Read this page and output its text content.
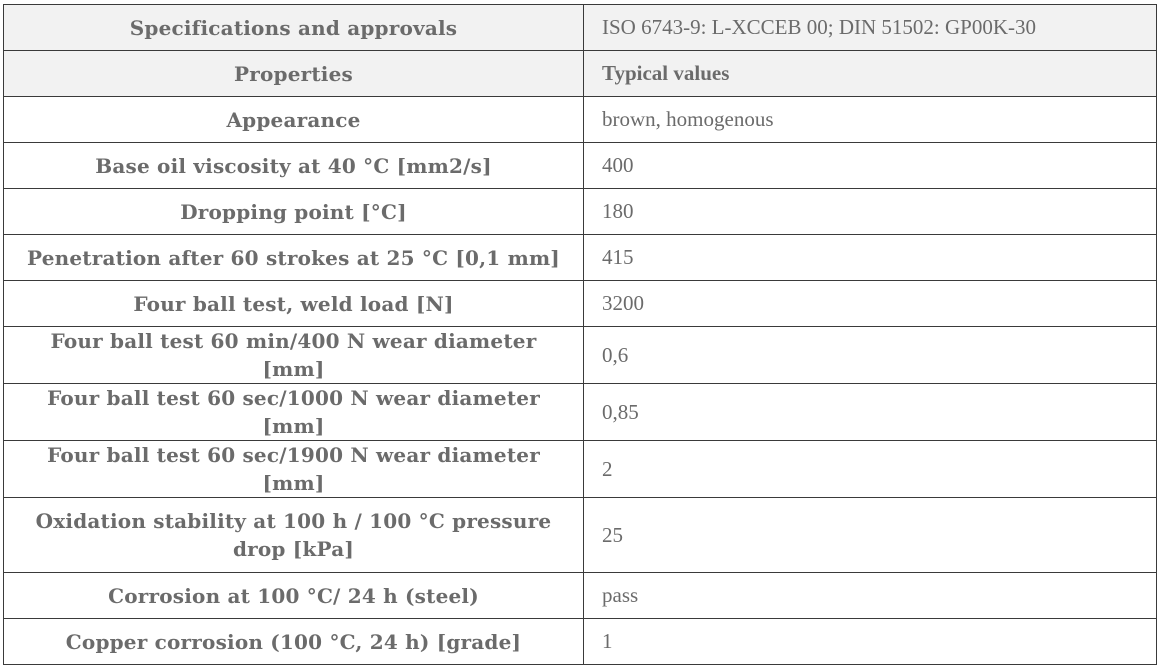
Specifications and approvals	ISO 6743-9: L-XCCEB 00; DIN 51502: GP00K-30
Properties	Typical values
Appearance	brown, homogenous
Base oil viscosity at 40 °C [mm2/s]	400
Dropping point [°C]	180
Penetration after 60 strokes at 25 °C [0,1 mm]	415
Four ball test, weld load [N]	3200
Four ball test 60 min/400 N wear diameter [mm]	0,6
Four ball test 60 sec/1000 N wear diameter [mm]	0,85
Four ball test 60 sec/1900 N wear diameter [mm]	2
Oxidation stability at 100 h / 100 °C pressure drop [kPa]	25
Corrosion at 100 °C/ 24 h (steel)	pass
Copper corrosion (100 °C, 24 h) [grade]	1
